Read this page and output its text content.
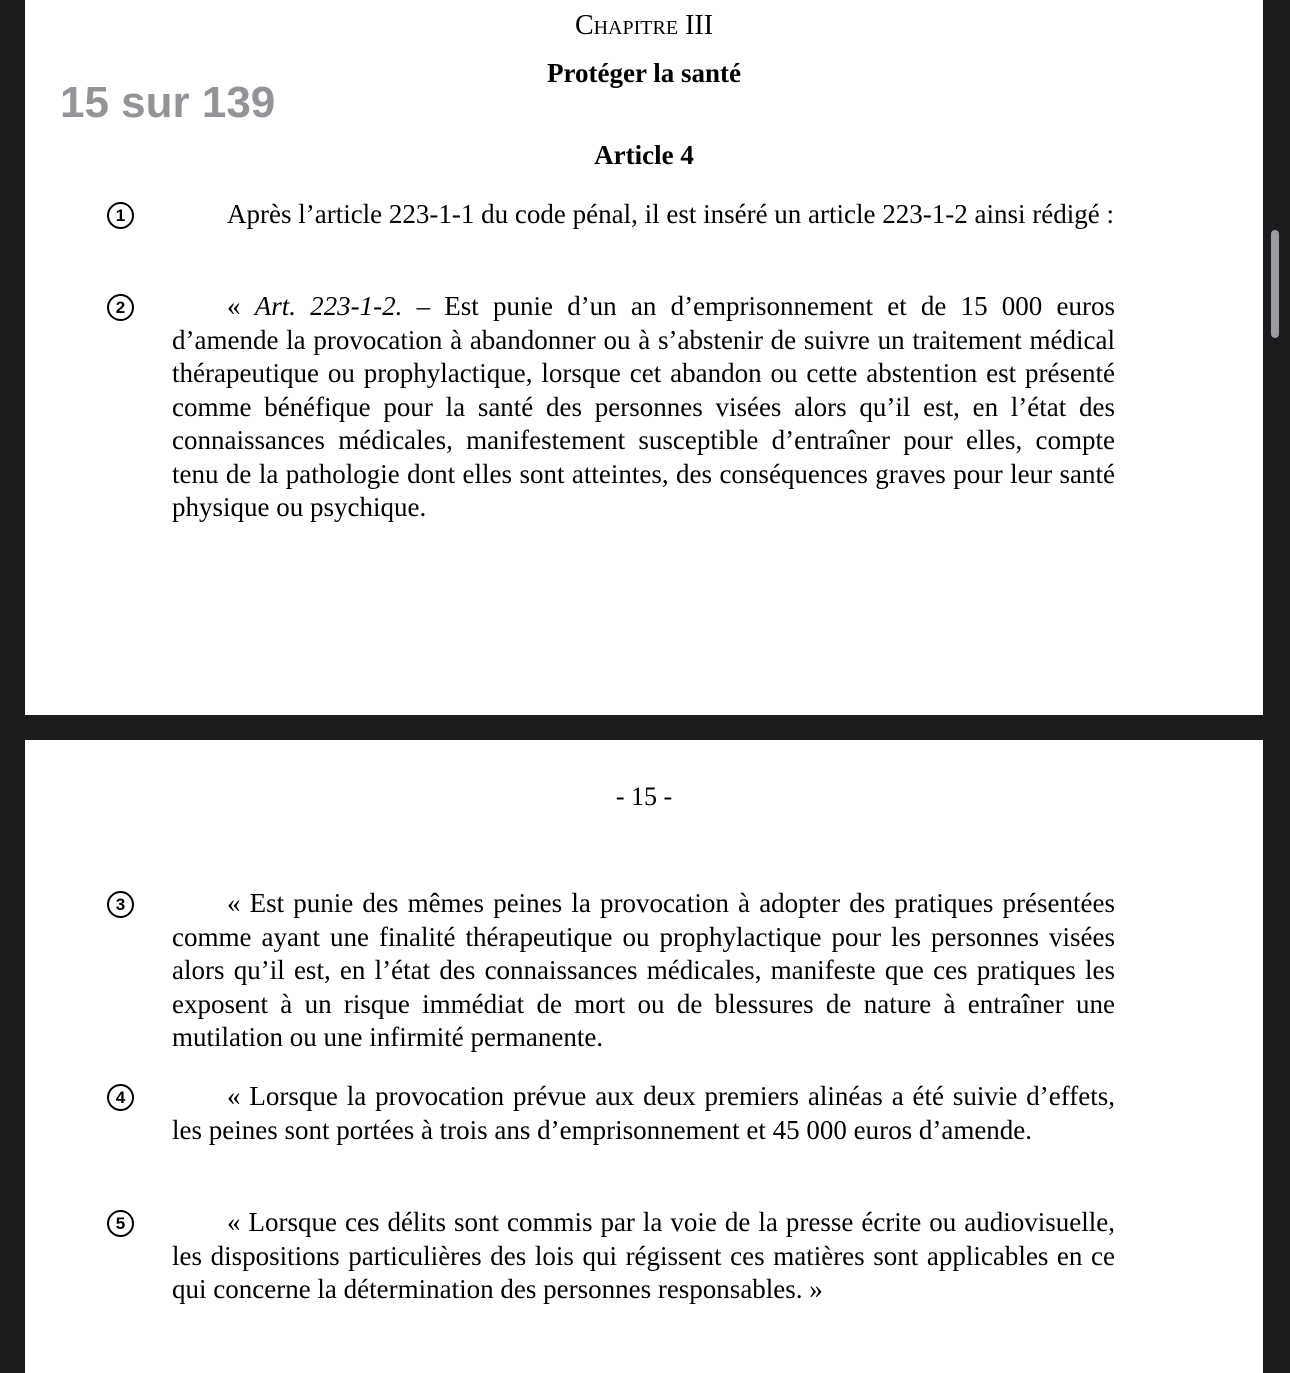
Chapitre III
Protéger la santé
Article 4
1	Après l’article 223-1-1 du code pénal, il est inséré un article 223-1-2 ainsi rédigé :

2	« Art. 223-1-2. – Est punie d’un an d’emprisonnement et de 15 000 euros d’amende la provocation à abandonner ou à s’abstenir de suivre un traitement médical thérapeutique ou prophylactique, lorsque cet abandon ou cette abstention est présenté comme bénéfique pour la santé des personnes visées alors qu’il est, en l’état des connaissances médicales, manifestement susceptible d’entraîner pour elles, compte tenu de la pathologie dont elles sont atteintes, des conséquences graves pour leur santé physique ou psychique.

- 15 -
3	« Est punie des mêmes peines la provocation à adopter des pratiques présentées comme ayant une finalité thérapeutique ou prophylactique pour les personnes visées alors qu’il est, en l’état des connaissances médicales, manifeste que ces pratiques les exposent à un risque immédiat de mort ou de blessures de nature à entraîner une mutilation ou une infirmité permanente.

4	« Lorsque la provocation prévue aux deux premiers alinéas a été suivie d’effets, les peines sont portées à trois ans d’emprisonnement et 45 000 euros d’amende.

5	« Lorsque ces délits sont commis par la voie de la presse écrite ou audiovisuelle, les dispositions particulières des lois qui régissent ces matières sont applicables en ce qui concerne la détermination des personnes responsables. »

15 sur 139
